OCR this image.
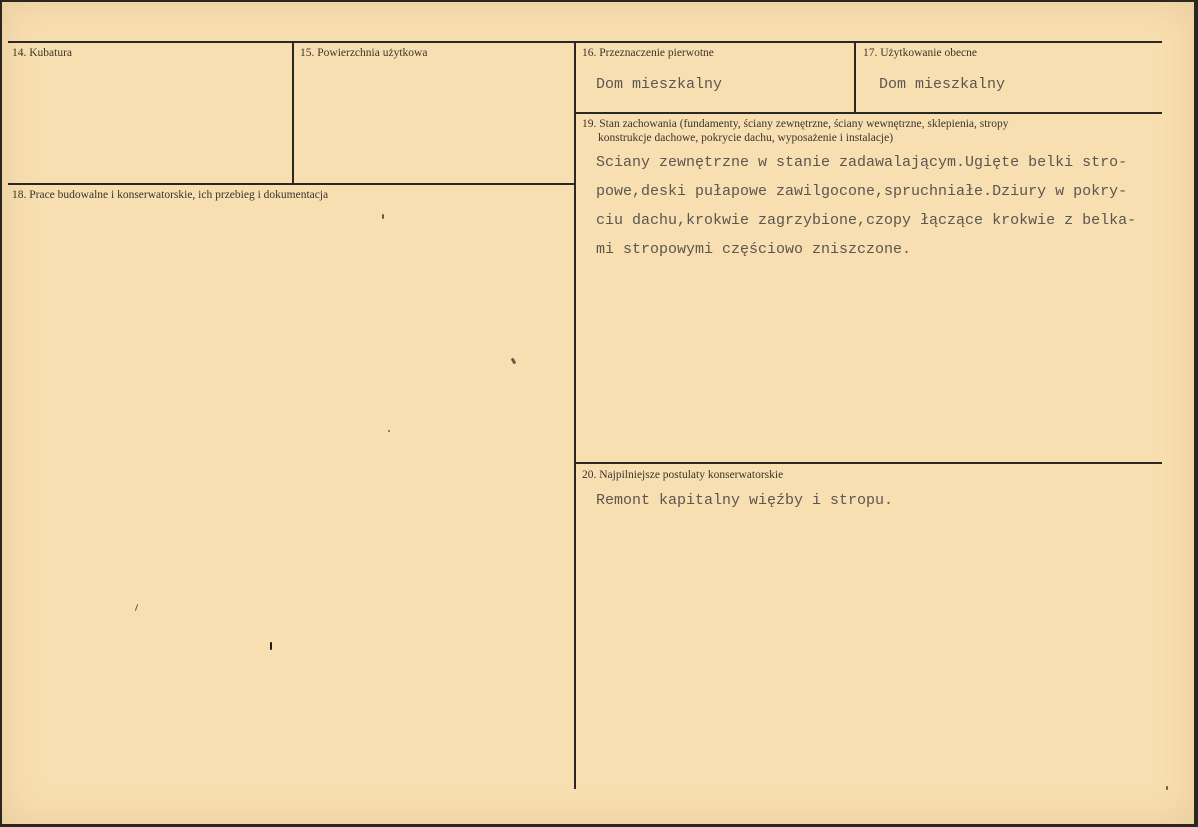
14. Kubatura	15. Powierzchnia użytkowa	16. Przeznaczenie pierwotne
Dom mieszkalny
17. Użytkowanie obecne
Dom mieszkalny
18. Prace budowalne i konserwatorskie, ich przebieg i dokumentacja
19. Stan zachowania (fundamenty, ściany zewnętrzne, ściany wewnętrzne, sklepienia, stropy
konstrukcje dachowe, pokrycie dachu, wyposażenie i instalacje)
Sciany zewnętrzne w stanie zadawalającym.Ugięte belki stro-
powe,deski pułapowe zawilgocone,spruchniałe.Dziury w pokry-
ciu dachu,krokwie zagrzybione,czopy łączące krokwie z belka-
mi stropowymi częściowo zniszczone.
20. Najpilniejsze postulaty konserwatorskie
Remont kapitalny więźby i stropu.
